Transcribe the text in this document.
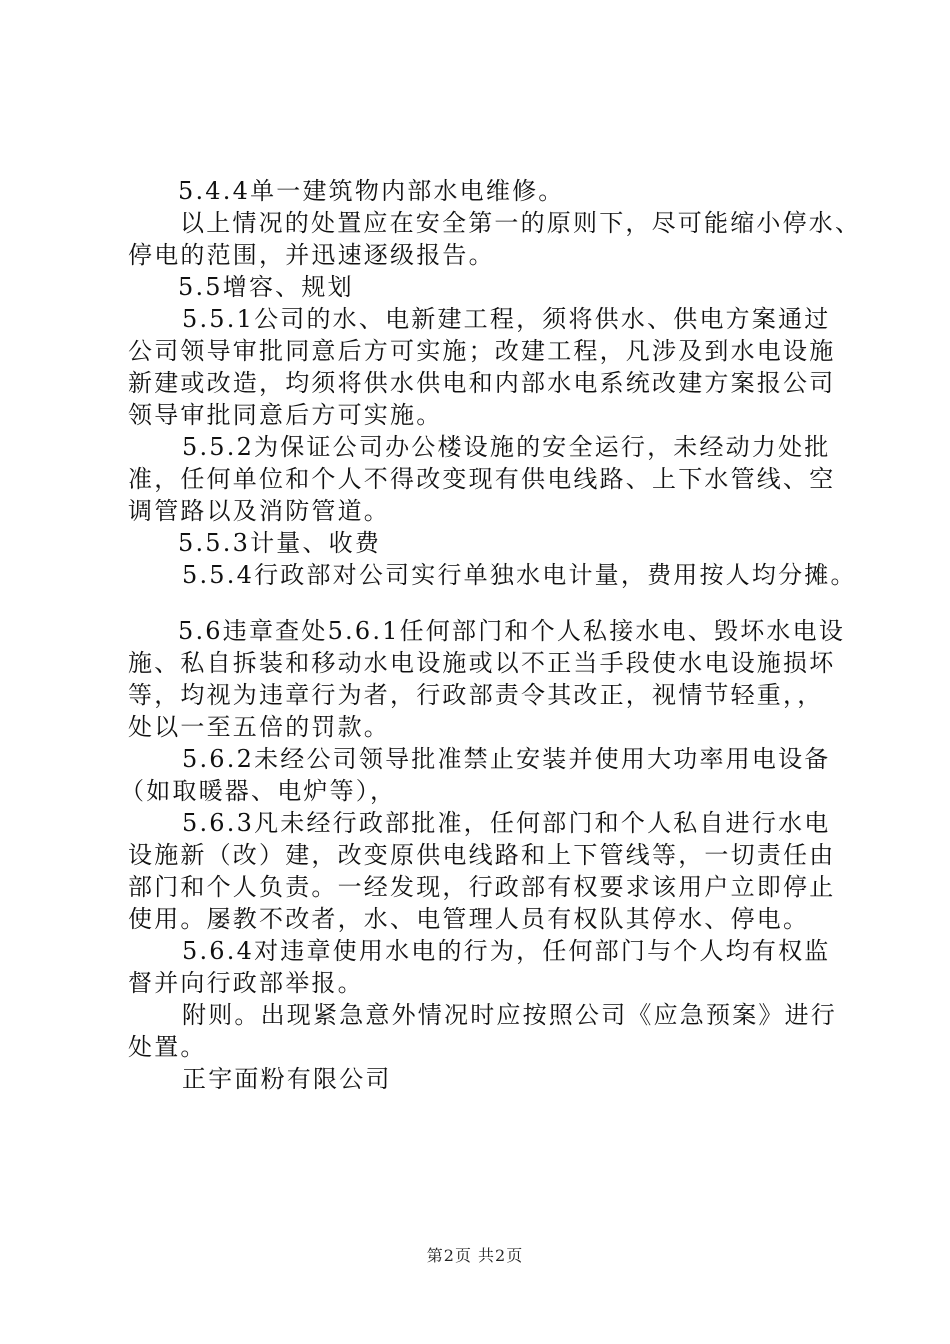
5.4.4单一建筑物内部水电维修。
以上情况的处置应在安全第一的原则下，尽可能缩小停水、
停电的范围，并迅速逐级报告。
5.5增容、规划
5.5.1公司的水、电新建工程，须将供水、供电方案通过
公司领导审批同意后方可实施；改建工程，凡涉及到水电设施
新建或改造，均须将供水供电和内部水电系统改建方案报公司
领导审批同意后方可实施。
5.5.2为保证公司办公楼设施的安全运行，未经动力处批
准，任何单位和个人不得改变现有供电线路、上下水管线、空
调管路以及消防管道。
5.5.3计量、收费
5.5.4行政部对公司实行单独水电计量，费用按人均分摊。
5.6违章查处5.6.1任何部门和个人私接水电、毁坏水电设
施、私自拆装和移动水电设施或以不正当手段使水电设施损坏
等，均视为违章行为者，行政部责令其改正，视情节轻重，，
处以一至五倍的罚款。
5.6.2未经公司领导批准禁止安装并使用大功率用电设备
（如取暖器、电炉等），
5.6.3凡未经行政部批准，任何部门和个人私自进行水电
设施新（改）建，改变原供电线路和上下管线等，一切责任由
部门和个人负责。一经发现，行政部有权要求该用户立即停止
使用。屡教不改者，水、电管理人员有权队其停水、停电。
5.6.4对违章使用水电的行为，任何部门与个人均有权监
督并向行政部举报。
附则。出现紧急意外情况时应按照公司《应急预案》进行
处置。
正宇面粉有限公司
第2页 共2页
